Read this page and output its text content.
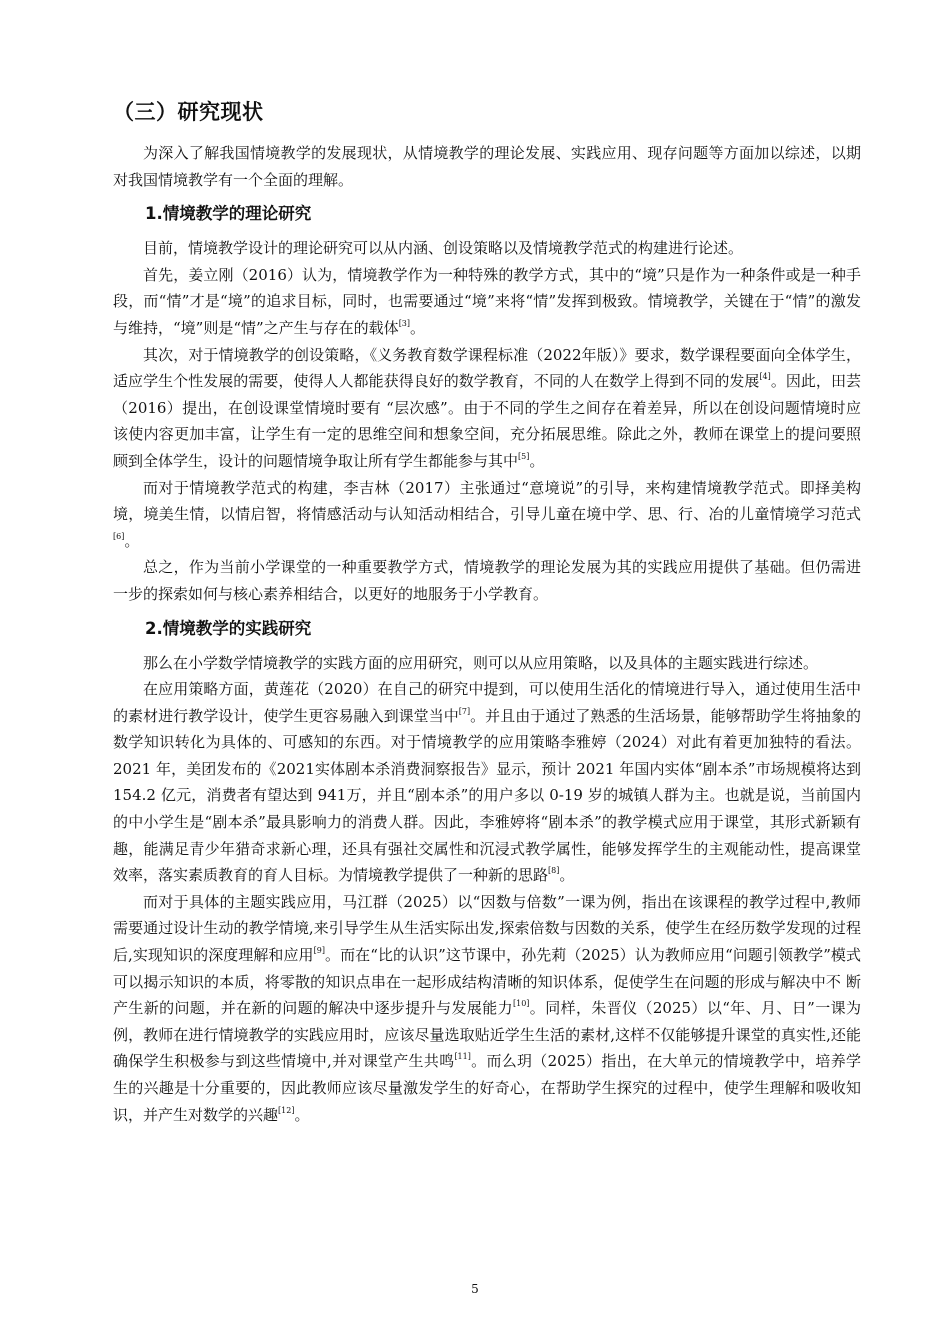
（三）研究现状

为深入了解我国情境教学的发展现状，从情境教学的理论发展、实践应用、现存问题等方面加以综述，以期对我国情境教学有一个全面的理解。

1.情境教学的理论研究

目前，情境教学设计的理论研究可以从内涵、创设策略以及情境教学范式的构建进行论述。

首先，姜立刚（2016）认为，情境教学作为一种特殊的教学方式，其中的“境”只是作为一种条件或是一种手段，而“情”才是“境”的追求目标，同时，也需要通过“境”来将“情”发挥到极致。情境教学，关键在于“情”的激发与维持，“境”则是“情”之产生与存在的载体[3]。

其次，对于情境教学的创设策略，《义务教育数学课程标准（2022年版）》要求，数学课程要面向全体学生，适应学生个性发展的需要，使得人人都能获得良好的数学教育，不同的人在数学上得到不同的发展[4]。因此，田芸（2016）提出，在创设课堂情境时要有 “层次感”。由于不同的学生之间存在着差异，所以在创设问题情境时应该使内容更加丰富，让学生有一定的思维空间和想象空间，充分拓展思维。除此之外，教师在课堂上的提问要照顾到全体学生，设计的问题情境争取让所有学生都能参与其中[5]。

而对于情境教学范式的构建，李吉林（2017）主张通过“意境说”的引导，来构建情境教学范式。即择美构境，境美生情，以情启智，将情感活动与认知活动相结合，引导儿童在境中学、思、行、冶的儿童情境学习范式[6]。

总之，作为当前小学课堂的一种重要教学方式，情境教学的理论发展为其的实践应用提供了基础。但仍需进一步的探索如何与核心素养相结合，以更好的地服务于小学教育。

2.情境教学的实践研究

那么在小学数学情境教学的实践方面的应用研究，则可以从应用策略，以及具体的主题实践进行综述。

在应用策略方面，黄莲花（2020）在自己的研究中提到，可以使用生活化的情境进行导入，通过使用生活中的素材进行教学设计，使学生更容易融入到课堂当中[7]。并且由于通过了熟悉的生活场景，能够帮助学生将抽象的数学知识转化为具体的、可感知的东西。对于情境教学的应用策略李雅婷（2024）对此有着更加独特的看法。2021 年，美团发布的《2021实体剧本杀消费洞察报告》显示，预计 2021 年国内实体“剧本杀”市场规模将达到 154.2 亿元，消费者有望达到 941万，并且“剧本杀”的用户多以 0-19 岁的城镇人群为主。也就是说，当前国内的中小学生是“剧本杀”最具影响力的消费人群。因此，李雅婷将“剧本杀”的教学模式应用于课堂，其形式新颖有趣，能满足青少年猎奇求新心理，还具有强社交属性和沉浸式教学属性，能够发挥学生的主观能动性，提高课堂效率，落实素质教育的育人目标。为情境教学提供了一种新的思路[8]。

而对于具体的主题实践应用，马江群（2025）以“因数与倍数”一课为例，指出在该课程的教学过程中,教师需要通过设计生动的教学情境,来引导学生从生活实际出发,探索倍数与因数的关系，使学生在经历数学发现的过程后,实现知识的深度理解和应用[9]。而在“比的认识”这节课中，孙先莉（2025）认为教师应用“问题引领教学”模式可以揭示知识的本质，将零散的知识点串在一起形成结构清晰的知识体系，促使学生在问题的形成与解决中不 断产生新的问题，并在新的问题的解决中逐步提升与发展能力[10]。同样，朱晋仪（2025）以“年、月、日”一课为例，教师在进行情境教学的实践应用时，应该尽量选取贴近学生生活的素材,这样不仅能够提升课堂的真实性,还能确保学生积极参与到这些情境中,并对课堂产生共鸣[11]。而么玥（2025）指出，在大单元的情境教学中，培养学生的兴趣是十分重要的，因此教师应该尽量激发学生的好奇心，在帮助学生探究的过程中，使学生理解和吸收知识，并产生对数学的兴趣[12]。

5
